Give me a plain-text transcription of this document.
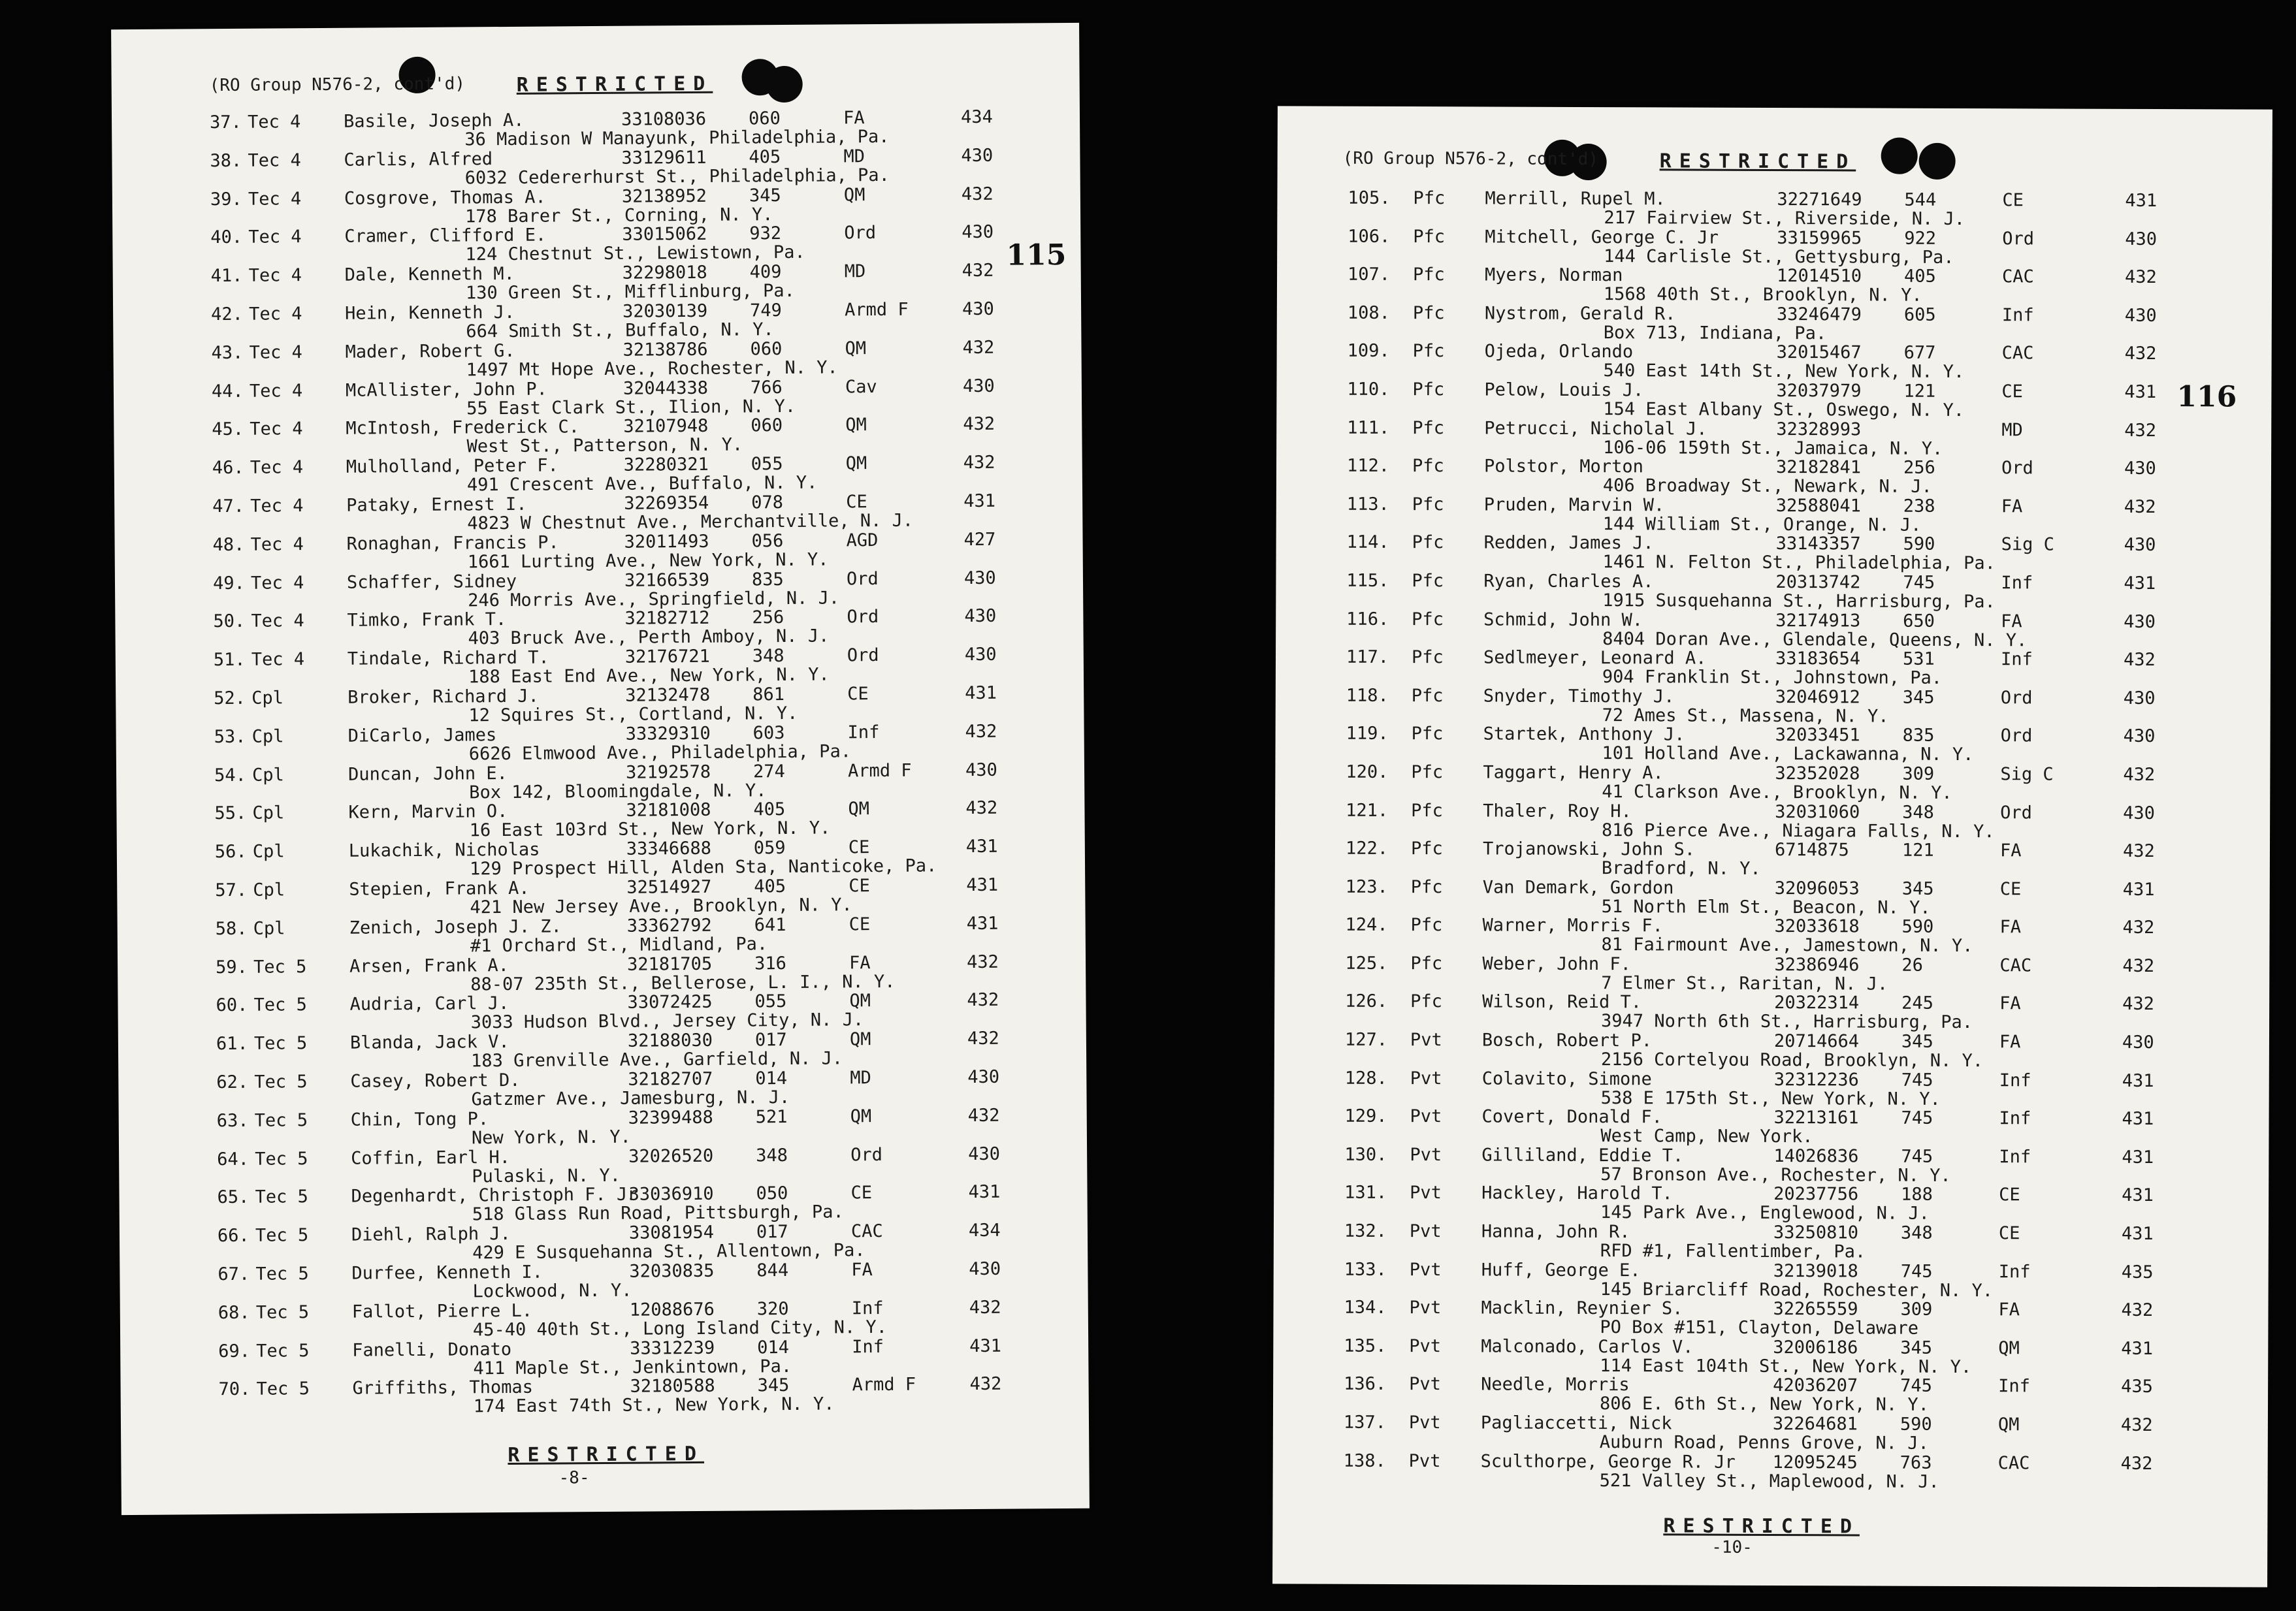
(RO Group N576-2, cont'd)	RESTRICTED
115
37. Tec 4 Basile, Joseph A.	33108036 060	FA	434
36 Madison W Manayunk, Philadelphia, Pa.
38. Tec 4 Carlis, Alfred	33129611 405	MD	430
6032 Cedererhurst St., Philadelphia, Pa.
39. Tec 4 Cosgrove, Thomas A.	32138952 345	QM	432
178 Barer St., Corning, N. Y.
40. Tec 4 Cramer, Clifford E.	33015062 932	Ord	430
124 Chestnut St., Lewistown, Pa.
41. Tec 4 Dale, Kenneth M.	32298018 409	MD	432
130 Green St., Mifflinburg, Pa.
42. Tec 4 Hein, Kenneth J.	32030139 749	Armd F	430
664 Smith St., Buffalo, N. Y.
43. Tec 4 Mader, Robert G.	32138786 060	QM	432
1497 Mt Hope Ave., Rochester, N. Y.
44. Tec 4 McAllister, John P.	32044338 766	Cav	430
55 East Clark St., Ilion, N. Y.
45. Tec 4 McIntosh, Frederick C. 32107948 060	QM	432
West St., Patterson, N. Y.
46. Tec 4 Mulholland, Peter F.	32280321 055	QM	432
491 Crescent Ave., Buffalo, N. Y.
47. Tec 4 Pataky, Ernest I.	32269354 078	CE	431
4823 W Chestnut Ave., Merchantville, N. J.
48. Tec 4 Ronaghan, Francis P.	32011493 056	AGD	427
1661 Lurting Ave., New York, N. Y.
49. Tec 4 Schaffer, Sidney	32166539 835	Ord	430
246 Morris Ave., Springfield, N. J.
50. Tec 4 Timko, Frank T.	32182712 256	Ord	430
403 Bruck Ave., Perth Amboy, N. J.
51. Tec 4 Tindale, Richard T.	32176721 348	Ord	430
188 East End Ave., New York, N. Y.
52. Cpl	Broker, Richard J.	32132478 861	CE	431
12 Squires St., Cortland, N. Y.
53. Cpl	DiCarlo, James	33329310 603	Inf	432
6626 Elmwood Ave., Philadelphia, Pa.
54. Cpl	Duncan, John E.	32192578 274	Armd F	430
Box 142, Bloomingdale, N. Y.
55. Cpl	Kern, Marvin O.	32181008 405	QM	432
16 East 103rd St., New York, N. Y.
56. Cpl	Lukachik, Nicholas	33346688 059	CE	431
129 Prospect Hill, Alden Sta, Nanticoke, Pa.
57. Cpl	Stepien, Frank A.	32514927 405	CE	431
421 New Jersey Ave., Brooklyn, N. Y.
58. Cpl	Zenich, Joseph J. Z.	33362792 641	CE	431
#1 Orchard St., Midland, Pa.
59. Tec 5 Arsen, Frank A.	32181705 316	FA	432
88-07 235th St., Bellerose, L. I., N. Y.
60. Tec 5 Audria, Carl J.	33072425 055	QM	432
3033 Hudson Blvd., Jersey City, N. J.
61. Tec 5 Blanda, Jack V.	32188030 017	QM	432
183 Grenville Ave., Garfield, N. J.
62. Tec 5 Casey, Robert D.	32182707 014	MD	430
Gatzmer Ave., Jamesburg, N. J.
63. Tec 5 Chin, Tong P.	32399488 521	QM	432
New York, N. Y.
64. Tec 5 Coffin, Earl H.	32026520 348	Ord	430
Pulaski, N. Y.
65. Tec 5 Degenhardt, Christoph F. Jr
33036910 050	CE	431
518 Glass Run Road, Pittsburgh, Pa.
66. Tec 5 Diehl, Ralph J.	33081954 017	CAC	434
429 E Susquehanna St., Allentown, Pa.
67. Tec 5 Durfee, Kenneth I.	32030835 844	FA	430
Lockwood, N. Y.
68. Tec 5 Fallot, Pierre L.	12088676 320	Inf	432
45-40 40th St., Long Island City, N. Y.
69. Tec 5 Fanelli, Donato	33312239 014	Inf	431
411 Maple St., Jenkintown, Pa.
70. Tec 5 Griffiths, Thomas	32180588 345	Armd F	432
174 East 74th St., New York, N. Y.
RESTRICTED
-8-
(RO Group N576-2, cont'd)	RESTRICTED
116
105. Pfc Merrill, Rupel M.	32271649 544	CE	431
217 Fairview St., Riverside, N. J.
106. Pfc Mitchell, George C. Jr	33159965 922	Ord	430
144 Carlisle St., Gettysburg, Pa.
107. Pfc Myers, Norman	12014510 405	CAC	432
1568 40th St., Brooklyn, N. Y.
108. Pfc Nystrom, Gerald R.	33246479 605	Inf	430
Box 713, Indiana, Pa.
109. Pfc Ojeda, Orlando	32015467 677	CAC	432
540 East 14th St., New York, N. Y.
110. Pfc Pelow, Louis J.	32037979 121	CE	431
154 East Albany St., Oswego, N. Y.
111. Pfc Petrucci, Nicholal J.	32328993	MD	432
106-06 159th St., Jamaica, N. Y.
112. Pfc Polstor, Morton	32182841 256	Ord	430
406 Broadway St., Newark, N. J.
113. Pfc Pruden, Marvin W.	32588041 238	FA	432
144 William St., Orange, N. J.
114. Pfc Redden, James J.	33143357 590	Sig C	430
1461 N. Felton St., Philadelphia, Pa.
115. Pfc Ryan, Charles A.	20313742 745	Inf	431
1915 Susquehanna St., Harrisburg, Pa.
116. Pfc Schmid, John W.	32174913 650	FA	430
8404 Doran Ave., Glendale, Queens, N. Y.
117. Pfc Sedlmeyer, Leonard A.	33183654 531	Inf	432
904 Franklin St., Johnstown, Pa.
118. Pfc Snyder, Timothy J.	32046912 345	Ord	430
72 Ames St., Massena, N. Y.
119. Pfc Startek, Anthony J.	32033451 835	Ord	430
101 Holland Ave., Lackawanna, N. Y.
120. Pfc Taggart, Henry A.	32352028 309	Sig C	432
41 Clarkson Ave., Brooklyn, N. Y.
121. Pfc Thaler, Roy H.	32031060 348	Ord	430
816 Pierce Ave., Niagara Falls, N. Y.
122. Pfc Trojanowski, John S.	6714875	121	FA	432
Bradford, N. Y.
123. Pfc Van Demark, Gordon	32096053 345	CE	431
51 North Elm St., Beacon, N. Y.
124. Pfc Warner, Morris F.	32033618 590	FA	432
81 Fairmount Ave., Jamestown, N. Y.
125. Pfc Weber, John F.	32386946 26	CAC	432
7 Elmer St., Raritan, N. J.
126. Pfc Wilson, Reid T.	20322314 245	FA	432
3947 North 6th St., Harrisburg, Pa.
127. Pvt Bosch, Robert P.	20714664 345	FA	430
2156 Cortelyou Road, Brooklyn, N. Y.
128. Pvt Colavito, Simone	32312236 745	Inf	431
538 E 175th St., New York, N. Y.
129. Pvt Covert, Donald F.	32213161 745	Inf	431
West Camp, New York.
130. Pvt Gilliland, Eddie T.	14026836 745	Inf	431
57 Bronson Ave., Rochester, N. Y.
131. Pvt Hackley, Harold T.	20237756 188	CE	431
145 Park Ave., Englewood, N. J.
132. Pvt Hanna, John R.	33250810 348	CE	431
RFD #1, Fallentimber, Pa.
133. Pvt Huff, George E.	32139018 745	Inf	435
145 Briarcliff Road, Rochester, N. Y.
134. Pvt Macklin, Reynier S.	32265559 309	FA	432
PO Box #151, Clayton, Delaware
135. Pvt Malconado, Carlos V.	32006186 345	QM	431
114 East 104th St., New York, N. Y.
136. Pvt Needle, Morris	42036207 745	Inf	435
806 E. 6th St., New York, N. Y.
137. Pvt Pagliaccetti, Nick	32264681 590	QM	432
Auburn Road, Penns Grove, N. J.
138. Pvt Sculthorpe, George R. Jr 12095245 763	CAC	432
521 Valley St., Maplewood, N. J.
RESTRICTED
-10-
